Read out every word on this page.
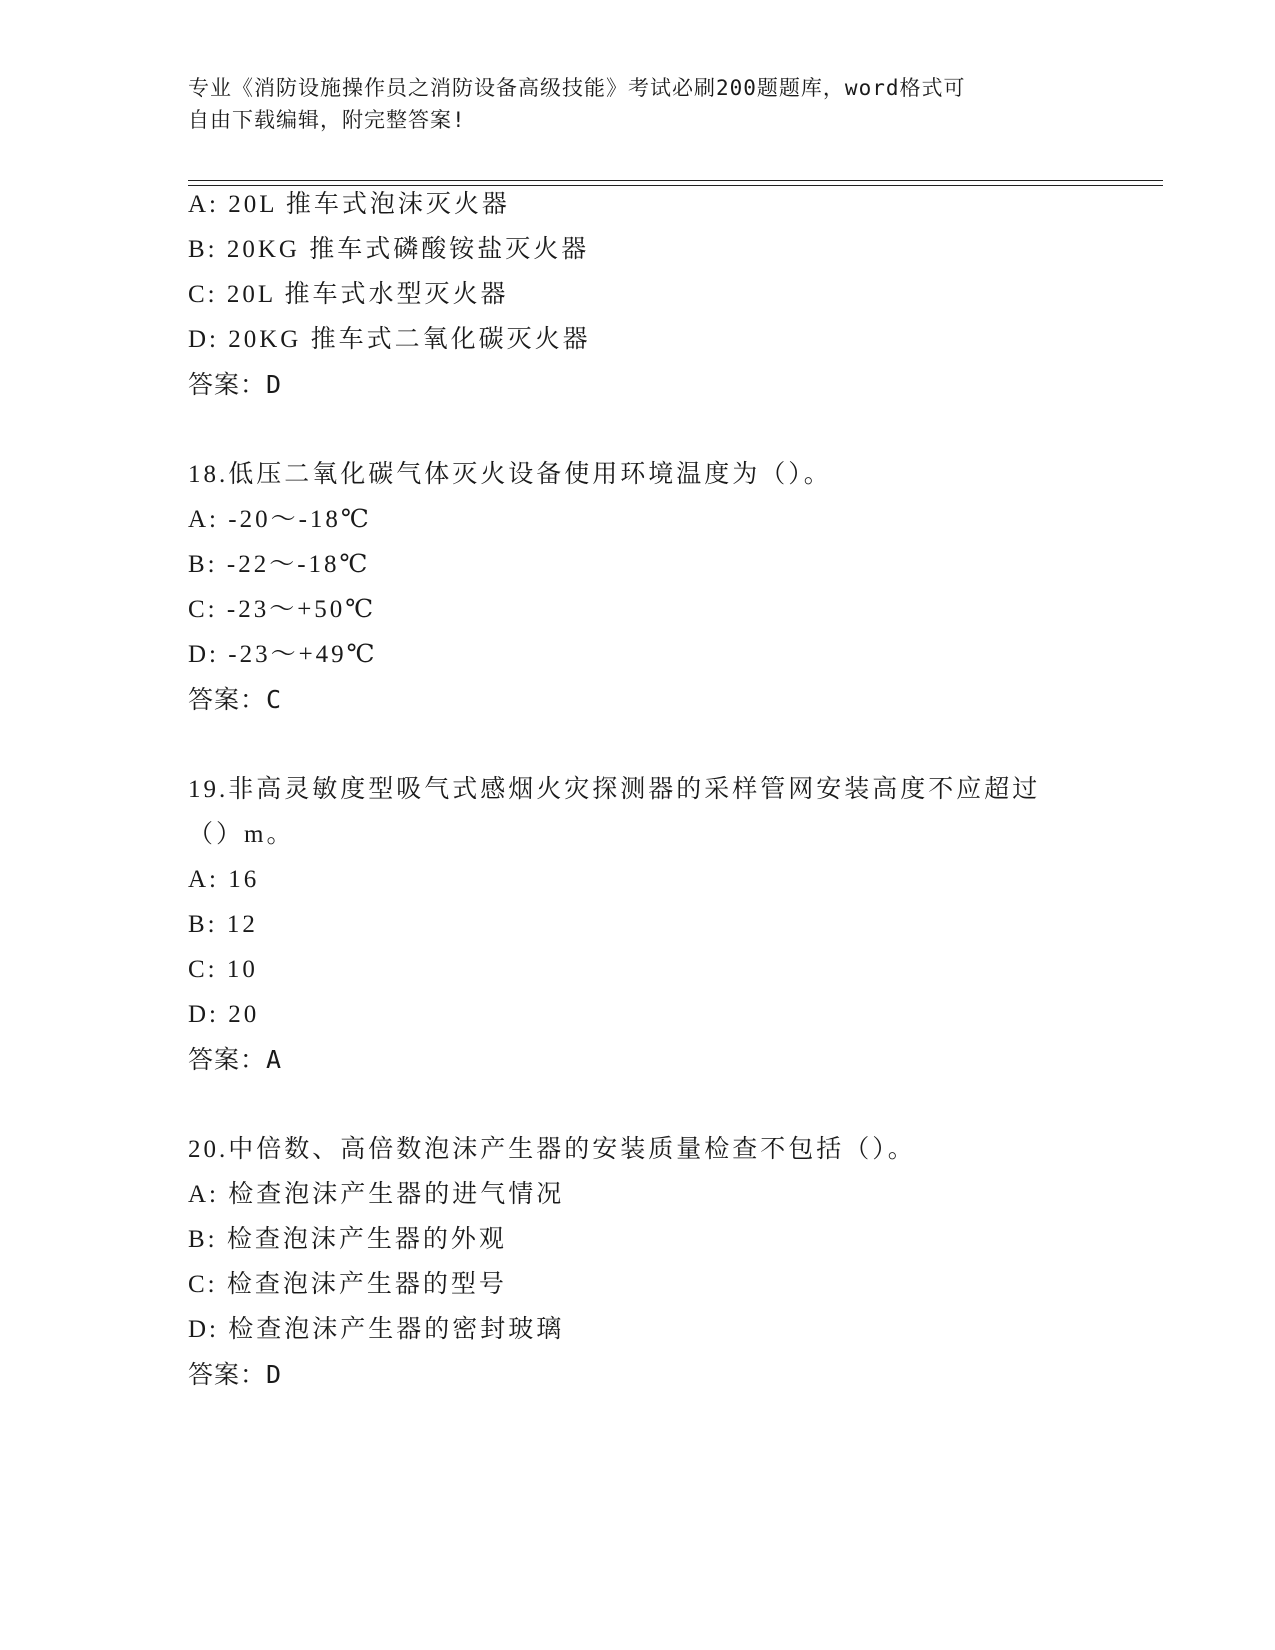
专业《消防设施操作员之消防设备高级技能》考试必刷200题题库，word格式可
自由下载编辑，附完整答案!
A: 20L 推车式泡沫灭火器
B: 20KG 推车式磷酸铵盐灭火器
C: 20L 推车式水型灭火器
D: 20KG 推车式二氧化碳灭火器
答案：D
18.低压二氧化碳气体灭火设备使用环境温度为（）。
A: -20～-18℃
B: -22～-18℃
C: -23～+50℃
D: -23～+49℃
答案：C
19.非高灵敏度型吸气式感烟火灾探测器的采样管网安装高度不应超过
（）m。
A: 16
B: 12
C: 10
D: 20
答案：A
20.中倍数、高倍数泡沫产生器的安装质量检查不包括（）。
A: 检查泡沫产生器的进气情况
B: 检查泡沫产生器的外观
C: 检查泡沫产生器的型号
D: 检查泡沫产生器的密封玻璃
答案：D
